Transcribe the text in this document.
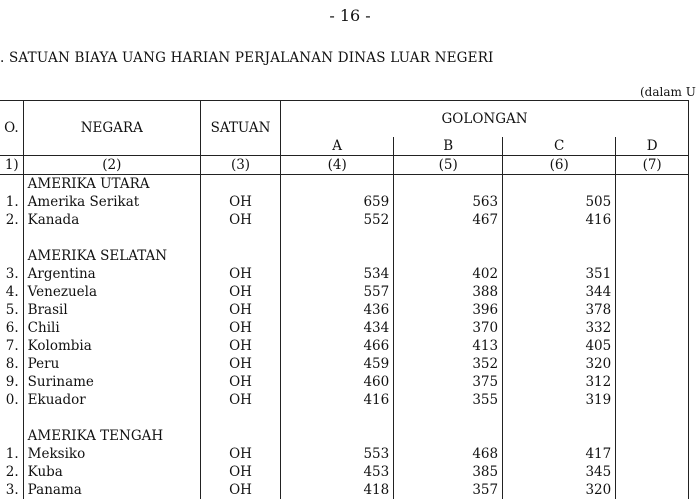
- 16 -
. SATUAN BIAYA UANG HARIAN PERJALANAN DINAS LUAR NEGERI
(dalam U
O.	NEGARA	SATUAN	GOLONGAN			
			A	B	C	D
1)	(2)	(3)	(4)	(5)	(6)	(7)
	AMERIKA UTARA					
1.	Amerika Serikat	OH	659	563	505	
2.	Kanada	OH	552	467	416	

	AMERIKA SELATAN					
3.	Argentina	OH	534	402	351	
4.	Venezuela	OH	557	388	344	
5.	Brasil	OH	436	396	378	
6.	Chili	OH	434	370	332	
7.	Kolombia	OH	466	413	405	
8.	Peru	OH	459	352	320	
9.	Suriname	OH	460	375	312	
0.	Ekuador	OH	416	355	319	

	AMERIKA TENGAH					
1.	Meksiko	OH	553	468	417	
2.	Kuba	OH	453	385	345	
3.	Panama	OH	418	357	320	
